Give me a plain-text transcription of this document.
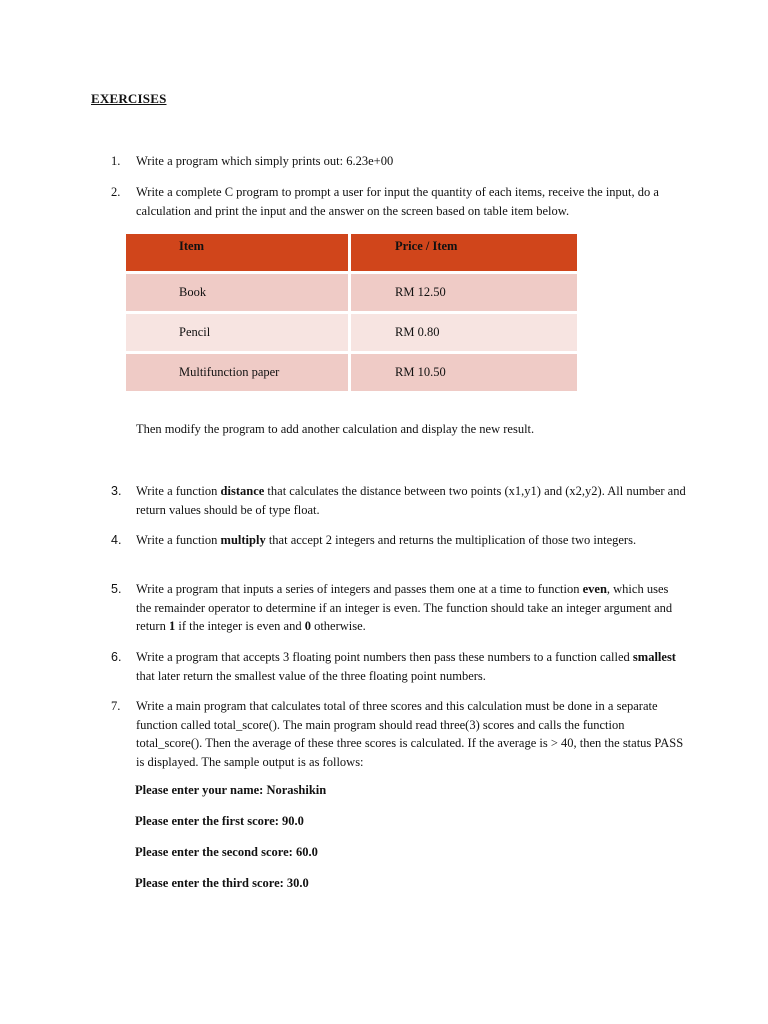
EXERCISES
1.	Write a program which simply prints out: 6.23e+00
2.	Write a complete C program to prompt a user for input the quantity of each items, receive the input, do a calculation and print the input and the answer on the screen based on table item below.
Item	Price / Item

Book	RM 12.50

Pencil	RM 0.80

Multifunction paper	RM 10.50
Then modify the program to add another calculation and display the new result.
3.	Write a function distance that calculates the distance between two points (x1,y1) and (x2,y2). All number and return values should be of type float.
4.	Write a function multiply that accept 2 integers and returns the multiplication of those two integers.
5.	Write a program that inputs a series of integers and passes them one at a time to function even, which uses the remainder operator to determine if an integer is even. The function should take an integer argument and return 1 if the integer is even and 0 otherwise.
6.	Write a program that accepts 3 floating point numbers then pass these numbers to a function called smallest that later return the smallest value of the three floating point numbers.
7.	Write a main program that calculates total of three scores and this calculation must be done in a separate function called total_score(). The main program should read three(3) scores and calls the function total_score(). Then the average of these three scores is calculated. If the average is > 40, then the status PASS is displayed. The sample output is as follows:
Please enter your name: Norashikin
Please enter the first score: 90.0
Please enter the second score: 60.0
Please enter the third score: 30.0
